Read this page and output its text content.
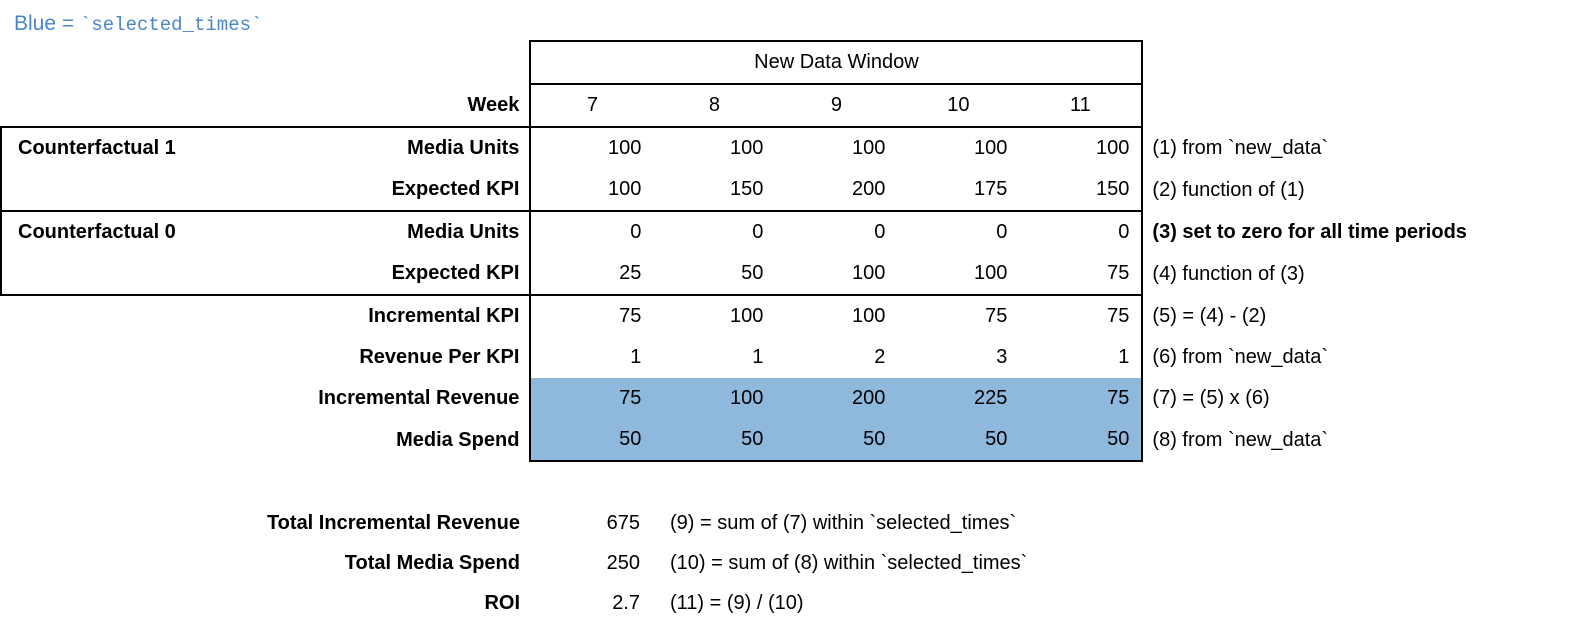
Blue = `selected_times`
		New Data Window					
	Week	7	8	9	10	11	
Counterfactual 1	Media Units	100	100	100	100	100	(1) from `new_data`
	Expected KPI	100	150	200	175	150	(2) function of (1)
Counterfactual 0	Media Units	0	0	0	0	0	(3) set to zero for all time periods
	Expected KPI	25	50	100	100	75	(4) function of (3)
	Incremental KPI	75	100	100	75	75	(5) = (4) - (2)
	Revenue Per KPI	1	1	2	3	1	(6) from `new_data`
	Incremental Revenue	75	100	200	225	75	(7) = (5) x (6)
	Media Spend	50	50	50	50	50	(8) from `new_data`
Total Incremental Revenue	675	(9) = sum of (7) within `selected_times`
Total Media Spend	250	(10) = sum of (8) within `selected_times`
ROI	2.7	(11) = (9) / (10)
